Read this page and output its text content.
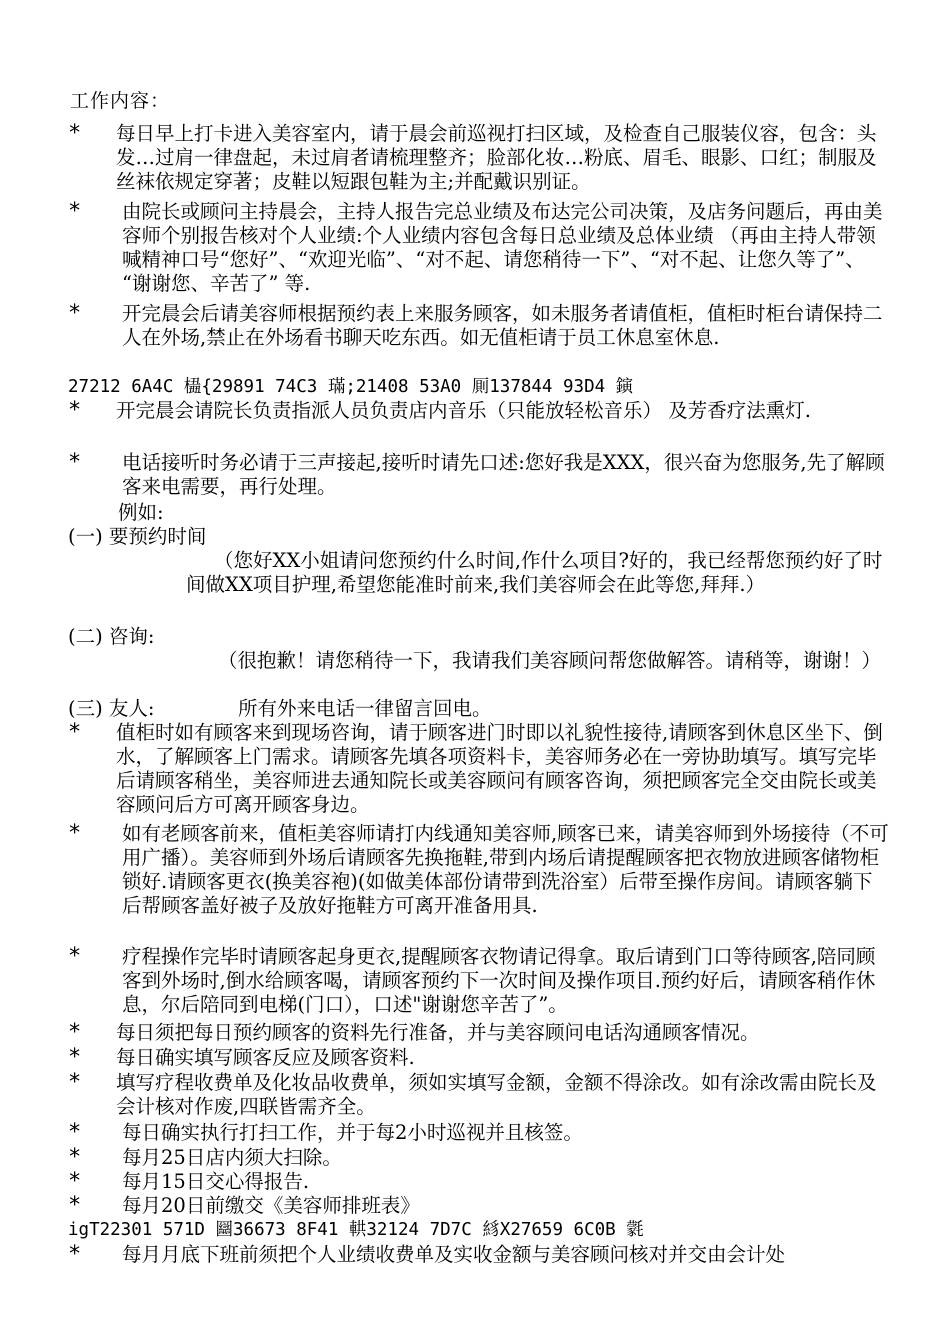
工作内容：
*	每日早上打卡进入美容室内，请于晨会前巡视打扫区域，及检查自己服装仪容，包含：头发…过肩一律盘起，未过肩者请梳理整齐；脸部化妆…粉底、眉毛、眼影、口红；制服及丝袜依规定穿著；皮鞋以短跟包鞋为主;并配戴识别证。
*	由院长或顾问主持晨会，主持人报告完总业绩及布达完公司决策，及店务问题后，再由美容师个别报告核对个人业绩:个人业绩内容包含每日总业绩及总体业绩 （再由主持人带领喊精神口号“您好”、“欢迎光临”、“对不起、请您稍待一下”、“对不起、让您久等了”、 “谢谢您、辛苦了” 等.
*	开完晨会后请美容师根据预约表上来服务顾客，如未服务者请值柜，值柜时柜台请保持二人在外场,禁止在外场看书聊天吃东西。如无值柜请于员工休息室休息.
27212 6A4C 橻{29891 74C3 璊;21408 53A0 厠137844 93D4 鏔
*	开完晨会请院长负责指派人员负责店内音乐（只能放轻松音乐） 及芳香疗法熏灯.
*	电话接听时务必请于三声接起,接听时请先口述:您好我是XXX，很兴奋为您服务,先了解顾客来电需要，再行处理。
例如:
(一) 要预约时间
（您好XX小姐请问您预约什么时间,作什么项目?好的，我已经帮您预约好了时间做XX项目护理,希望您能准时前来,我们美容师会在此等您,拜拜.）
(二) 咨询:
（很抱歉！请您稍待一下，我请我们美容顾问帮您做解答。请稍等，谢谢！）
(三) 友人:	所有外来电话一律留言回电。
*	值柜时如有顾客来到现场咨询，请于顾客进门时即以礼貌性接待,请顾客到休息区坐下、倒水，了解顾客上门需求。请顾客先填各项资料卡，美容师务必在一旁协助填写。填写完毕后请顾客稍坐，美容师进去通知院长或美容顾问有顾客咨询，须把顾客完全交由院长或美容顾问后方可离开顾客身边。
*	如有老顾客前来，值柜美容师请打内线通知美容师,顾客已来，请美容师到外场接待（不可用广播）。美容师到外场后请顾客先换拖鞋,带到内场后请提醒顾客把衣物放进顾客储物柜锁好.请顾客更衣(换美容袍)(如做美体部份请带到洗浴室）后带至操作房间。请顾客躺下后帮顾客盖好被子及放好拖鞋方可离开准备用具.
*	疗程操作完毕时请顾客起身更衣,提醒顾客衣物请记得拿。取后请到门口等待顾客,陪同顾客到外场时,倒水给顾客喝，请顾客预约下一次时间及操作项目.预约好后，请顾客稍作休息，尔后陪同到电梯(门口），口述"谢谢您辛苦了”。
*	每日须把每日预约顾客的资料先行准备，并与美容顾问电话沟通顾客情况。
*	每日确实填写顾客反应及顾客资料.
*	填写疗程收费单及化妆品收费单，须如实填写金额，金额不得涂改。如有涂改需由院长及会计核对作废,四联皆需齐全。
*	每日确实执行打扫工作，并于每2小时巡视并且核签。
*	每月25日店内须大扫除。
*	每月15日交心得报告.
*	每月20日前缴交《美容师排班表》
igT22301 571D 圝36673 8F41 輁32124 7D7C 絼X27659 6C0B 氋
*	每月月底下班前须把个人业绩收费单及实收金额与美容顾问核对并交由会计处
